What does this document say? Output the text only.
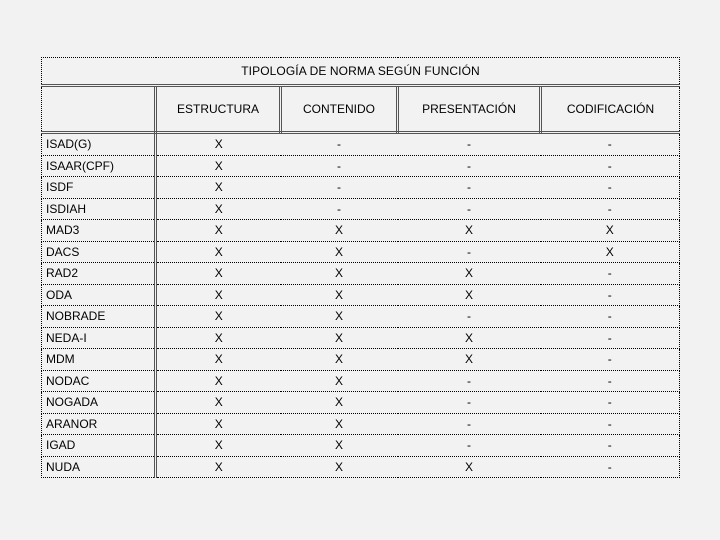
TIPOLOGÍA DE NORMA SEGÚN FUNCIÓN				
	ESTRUCTURA	CONTENIDO	PRESENTACIÓN	CODIFICACIÓN
ISAD(G)	X	-	-	-
ISAAR(CPF)	X	-	-	-
ISDF	X	-	-	-
ISDIAH	X	-	-	-
MAD3	X	X	X	X
DACS	X	X	-	X
RAD2	X	X	X	-
ODA	X	X	X	-
NOBRADE	X	X	-	-
NEDA-I	X	X	X	-
MDM	X	X	X	-
NODAC	X	X	-	-
NOGADA	X	X	-	-
ARANOR	X	X	-	-
IGAD	X	X	-	-
NUDA	X	X	X	-
